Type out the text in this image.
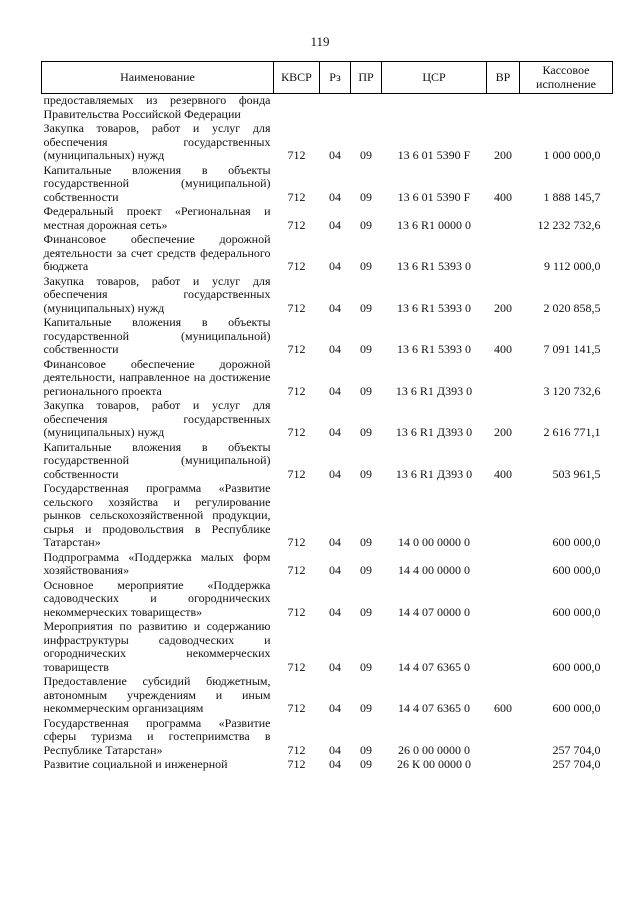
119
Наименование	КВСР	Рз	ПР	ЦСР	ВР	Кассовое исполнение
предоставляемых из резервного фонда Правительства Российской Федерации						
Закупка товаров, работ и услуг для обеспечения государственных (муниципальных) нужд	712	04	09	13 6 01 5390 F	200	1 000 000,0
Капитальные вложения в объекты государственной (муниципальной) собственности	712	04	09	13 6 01 5390 F	400	1 888 145,7
Федеральный проект «Региональная и местная дорожная сеть»	712	04	09	13 6 R1 0000 0		12 232 732,6
Финансовое обеспечение дорожной деятельности за счет средств федерального бюджета	712	04	09	13 6 R1 5393 0		9 112 000,0
Закупка товаров, работ и услуг для обеспечения государственных (муниципальных) нужд	712	04	09	13 6 R1 5393 0	200	2 020 858,5
Капитальные вложения в объекты государственной (муниципальной) собственности	712	04	09	13 6 R1 5393 0	400	7 091 141,5
Финансовое обеспечение дорожной деятельности, направленное на достижение регионального проекта	712	04	09	13 6 R1 Д393 0		3 120 732,6
Закупка товаров, работ и услуг для обеспечения государственных (муниципальных) нужд	712	04	09	13 6 R1 Д393 0	200	2 616 771,1
Капитальные вложения в объекты государственной (муниципальной) собственности	712	04	09	13 6 R1 Д393 0	400	503 961,5
Государственная программа «Развитие сельского хозяйства и регулирование рынков сельскохозяйственной продукции, сырья и продовольствия в Республике Татарстан»	712	04	09	14 0 00 0000 0		600 000,0
Подпрограмма «Поддержка малых форм хозяйствования»	712	04	09	14 4 00 0000 0		600 000,0
Основное мероприятие «Поддержка садоводческих и огороднических некоммерческих товариществ»	712	04	09	14 4 07 0000 0		600 000,0
Мероприятия по развитию и содержанию инфраструктуры садоводческих и огороднических некоммерческих товариществ	712	04	09	14 4 07 6365 0		600 000,0
Предоставление субсидий бюджетным, автономным учреждениям и иным некоммерческим организациям	712	04	09	14 4 07 6365 0	600	600 000,0
Государственная программа «Развитие сферы туризма и гостеприимства в Республике Татарстан»	712	04	09	26 0 00 0000 0		257 704,0
Развитие социальной и инженерной	712	04	09	26 К 00 0000 0		257 704,0
